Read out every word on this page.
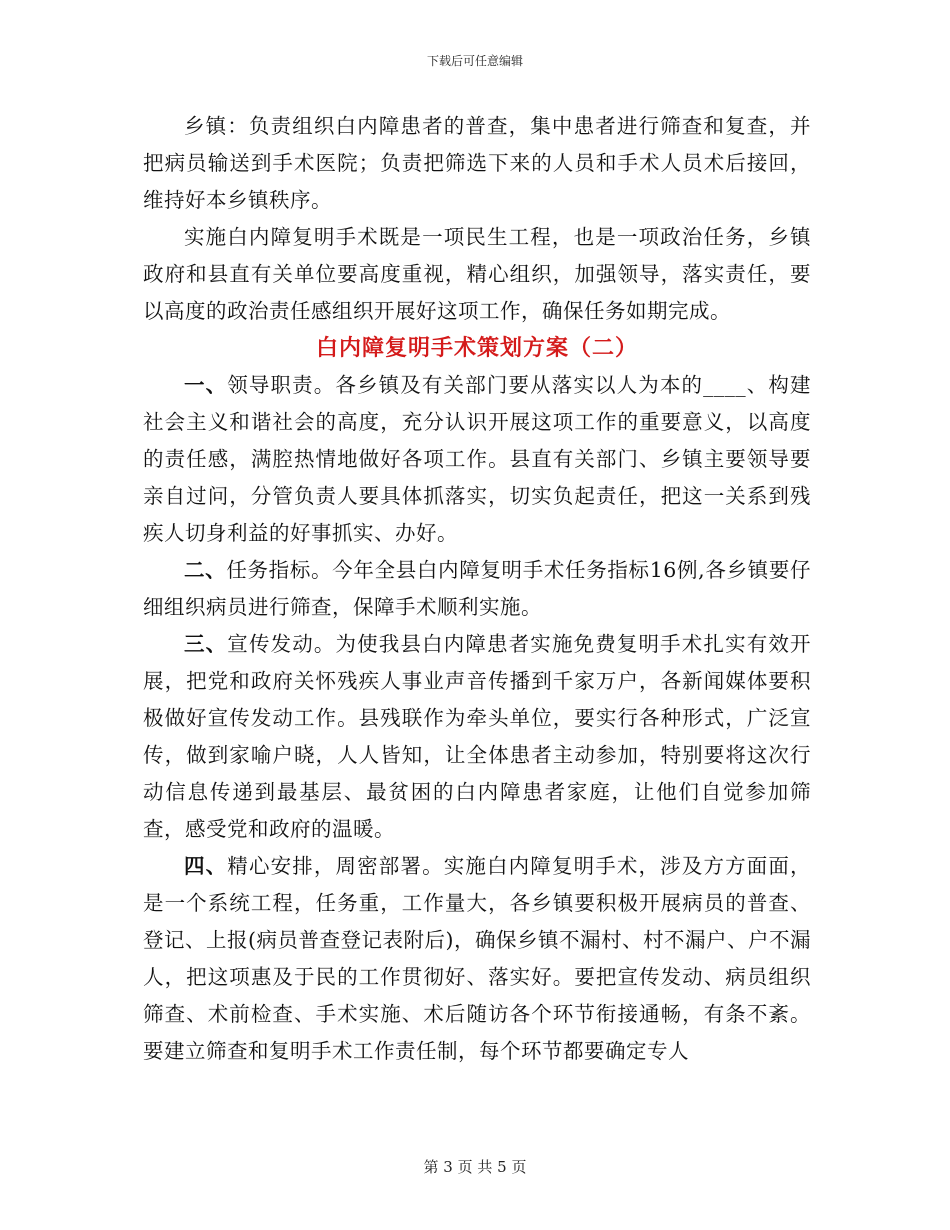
下载后可任意编辑

乡镇：负责组织白内障患者的普查，集中患者进行筛查和复查，并把病员输送到手术医院；负责把筛选下来的人员和手术人员术后接回，维持好本乡镇秩序。

实施白内障复明手术既是一项民生工程，也是一项政治任务，乡镇政府和县直有关单位要高度重视，精心组织，加强领导，落实责任，要以高度的政治责任感组织开展好这项工作，确保任务如期完成。

白内障复明手术策划方案（二）

一、领导职责。各乡镇及有关部门要从落实以人为本的____、构建社会主义和谐社会的高度，充分认识开展这项工作的重要意义，以高度的责任感，满腔热情地做好各项工作。县直有关部门、乡镇主要领导要亲自过问，分管负责人要具体抓落实，切实负起责任，把这一关系到残疾人切身利益的好事抓实、办好。

二、任务指标。今年全县白内障复明手术任务指标16例,各乡镇要仔细组织病员进行筛查，保障手术顺利实施。

三、宣传发动。为使我县白内障患者实施免费复明手术扎实有效开展，把党和政府关怀残疾人事业声音传播到千家万户，各新闻媒体要积极做好宣传发动工作。县残联作为牵头单位，要实行各种形式，广泛宣传，做到家喻户晓，人人皆知，让全体患者主动参加，特别要将这次行动信息传递到最基层、最贫困的白内障患者家庭，让他们自觉参加筛查，感受党和政府的温暖。

四、精心安排，周密部署。实施白内障复明手术，涉及方方面面，是一个系统工程，任务重，工作量大，各乡镇要积极开展病员的普查、登记、上报(病员普查登记表附后)，确保乡镇不漏村、村不漏户、户不漏人，把这项惠及于民的工作贯彻好、落实好。要把宣传发动、病员组织筛查、术前检查、手术实施、术后随访各个环节衔接通畅，有条不紊。要建立筛查和复明手术工作责任制，每个环节都要确定专人

第 3 页 共 5 页
